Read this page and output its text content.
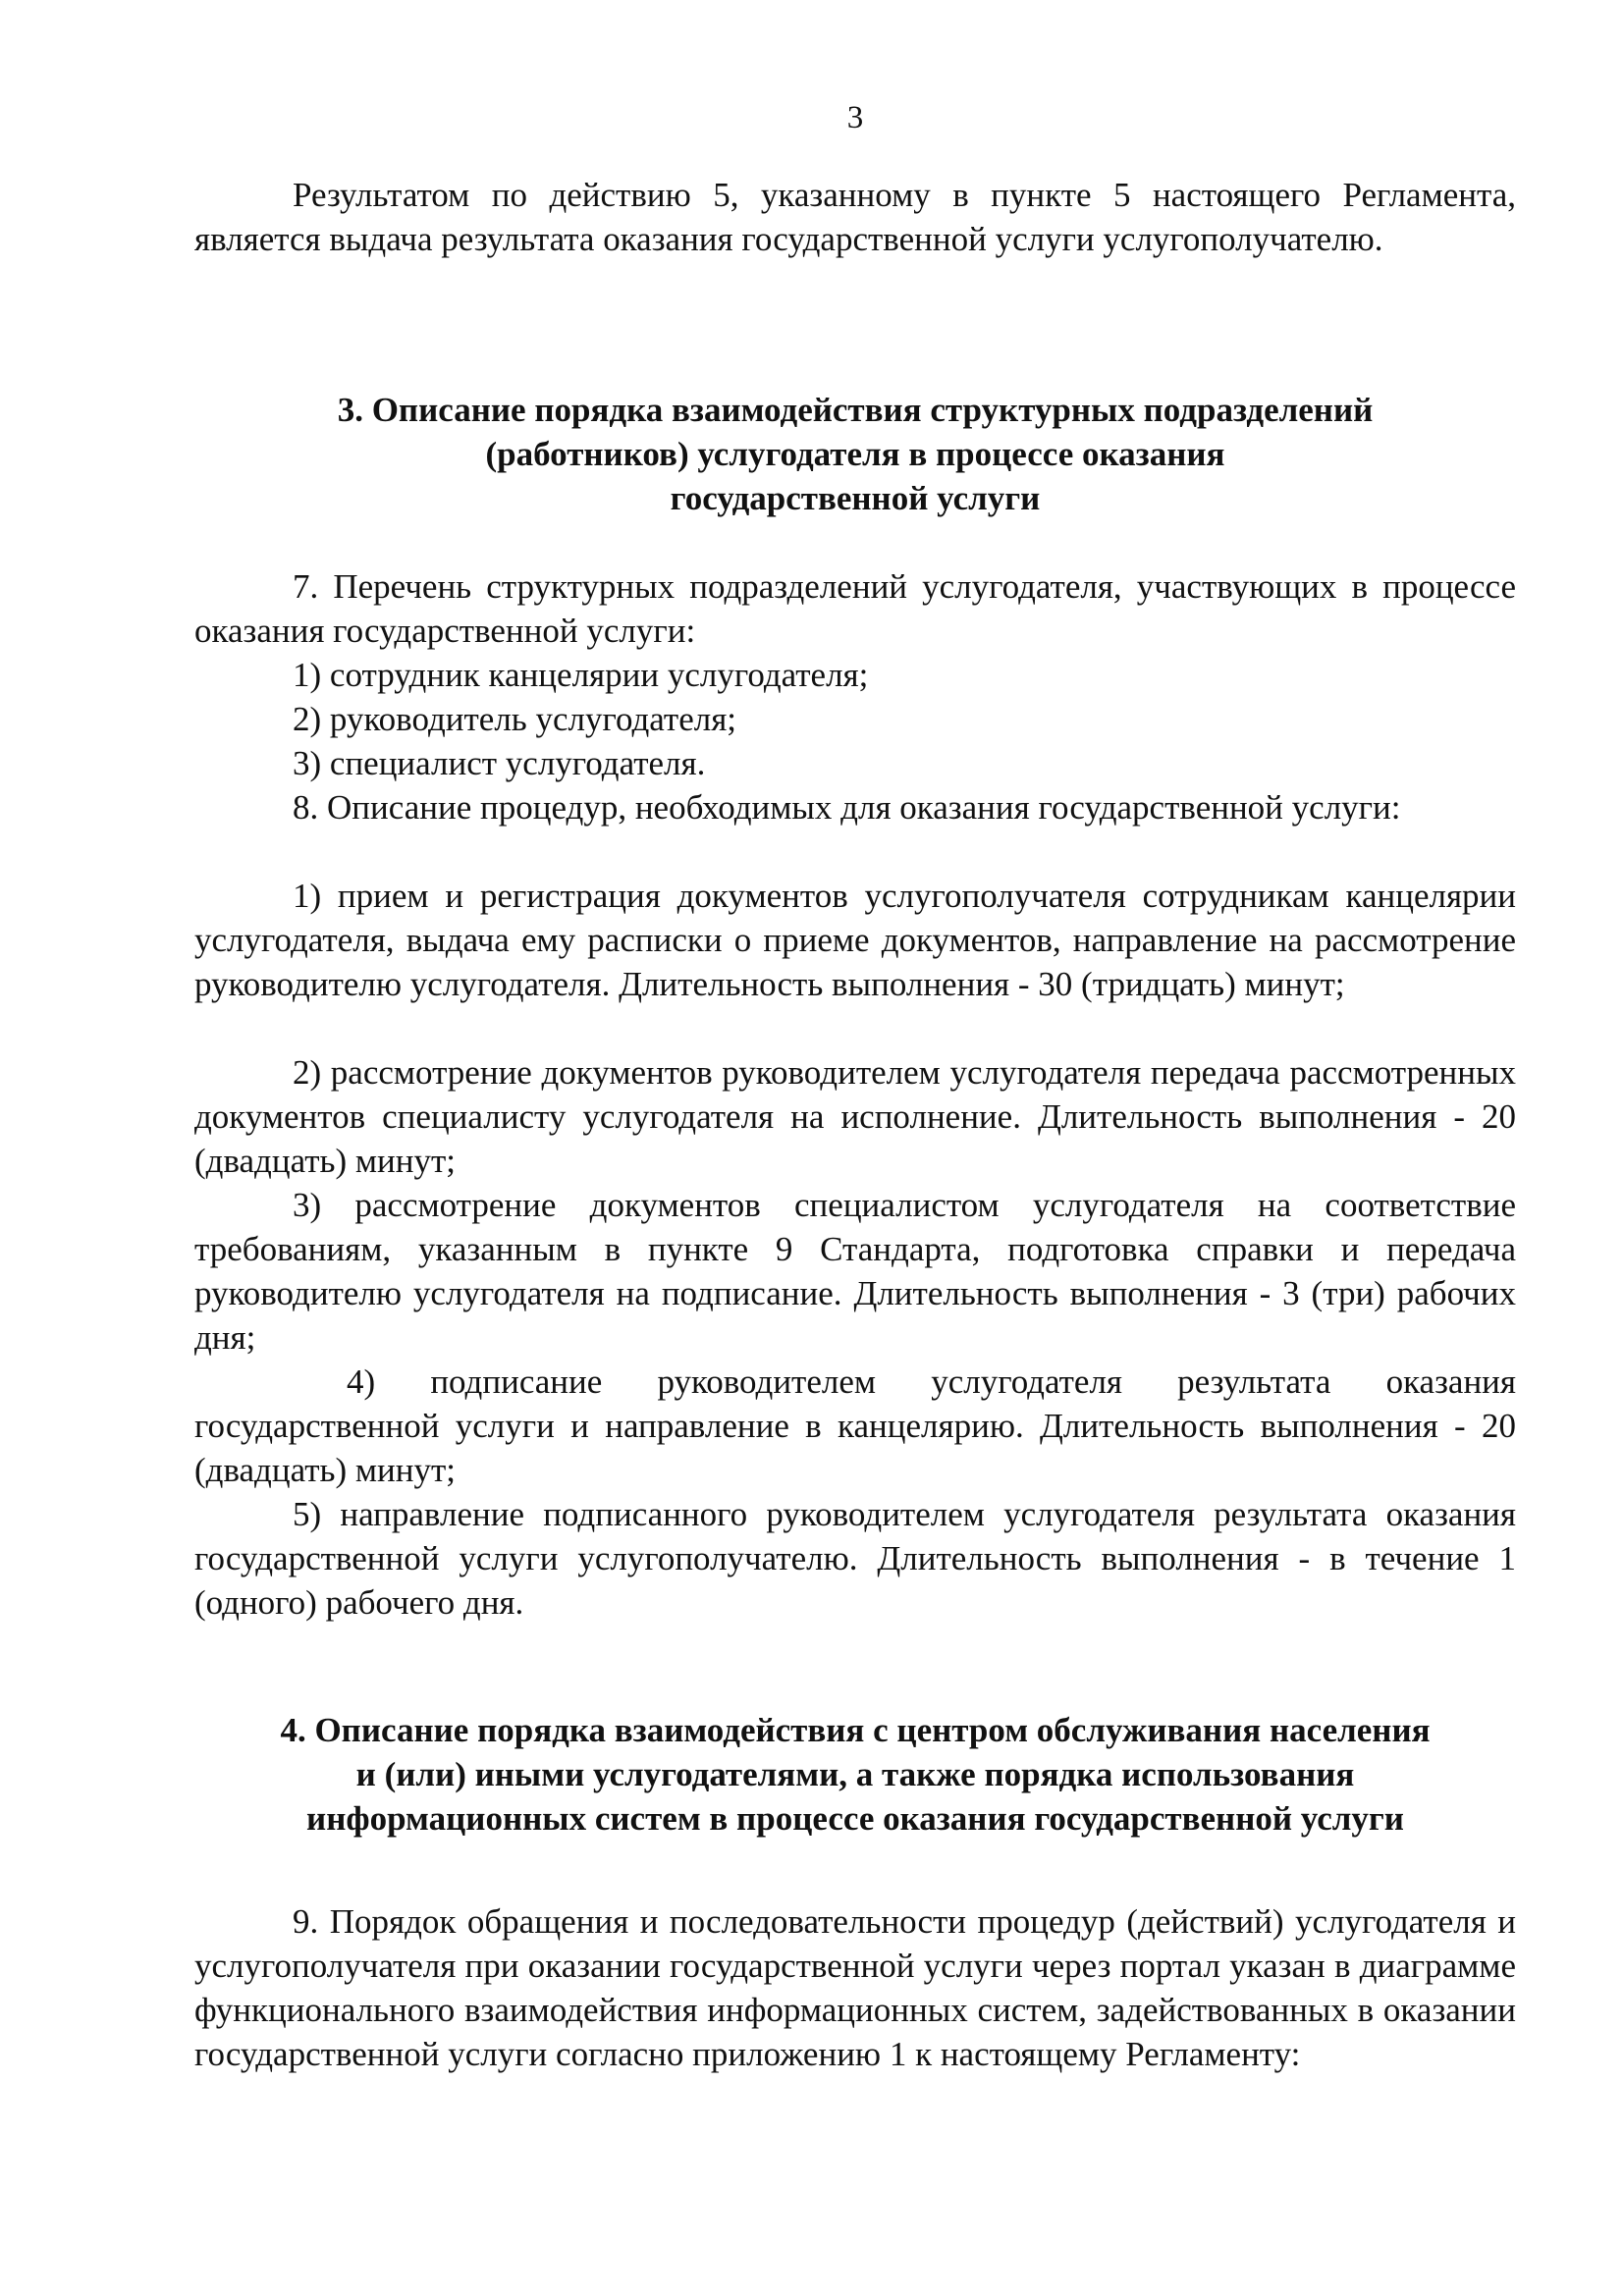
3

Результатом по действию 5, указанному в пункте 5 настоящего Регламента, является выдача результата оказания государственной услуги услугополучателю.

3. Описание порядка взаимодействия структурных подразделений
(работников) услугодателя в процессе оказания
государственной услуги

7. Перечень структурных подразделений услугодателя, участвующих в процессе оказания государственной услуги:

1) сотрудник канцелярии услугодателя;

2) руководитель услугодателя;

3) специалист услугодателя.

8. Описание процедур, необходимых для оказания государственной услуги:

1) прием и регистрация документов услугополучателя сотрудникам канцелярии услугодателя, выдача ему расписки о приеме документов, направление на рассмотрение руководителю услугодателя. Длительность выполнения - 30 (тридцать) минут;

2) рассмотрение документов руководителем услугодателя передача рассмотренных документов специалисту услугодателя на исполнение. Длительность выполнения - 20 (двадцать) минут;

3) рассмотрение документов специалистом услугодателя на соответствие требованиям, указанным в пункте 9 Стандарта, подготовка справки и передача руководителю услугодателя на подписание. Длительность выполнения - 3 (три) рабочих дня;

4) подписание руководителем услугодателя результата оказания государственной услуги и направление в канцелярию. Длительность выполнения - 20 (двадцать) минут;

5) направление подписанного руководителем услугодателя результата оказания государственной услуги услугополучателю. Длительность выполнения - в течение 1 (одного) рабочего дня.

4. Описание порядка взаимодействия с центром обслуживания населения
и (или) иными услугодателями, а также порядка использования
информационных систем в процессе оказания государственной услуги

9. Порядок обращения и последовательности процедур (действий) услугодателя и услугополучателя при оказании государственной услуги через портал указан в диаграмме функционального взаимодействия информационных систем, задействованных в оказании государственной услуги согласно приложению 1 к настоящему Регламенту:
